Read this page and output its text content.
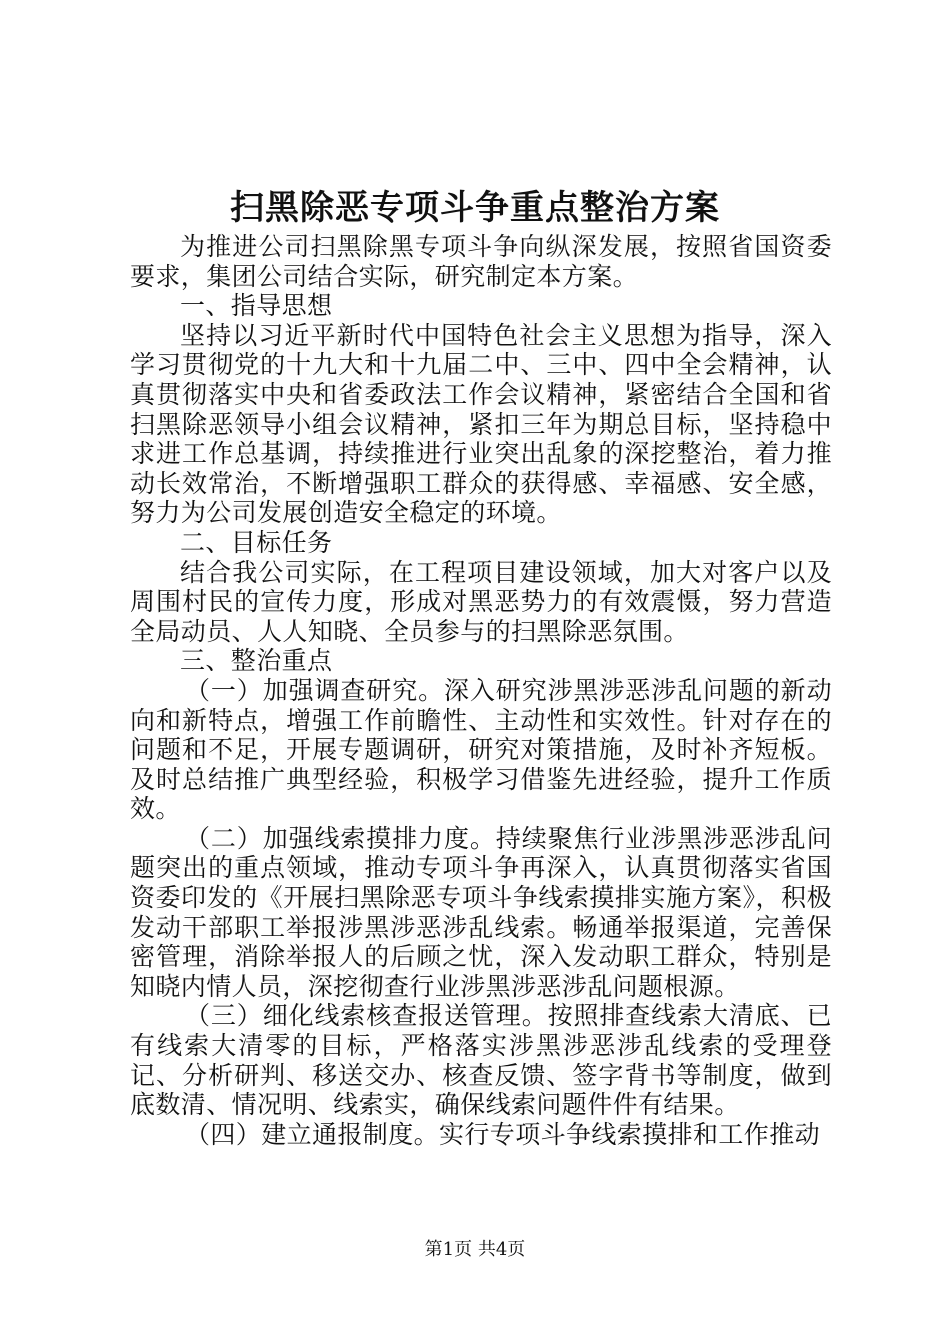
扫黑除恶专项斗争重点整治方案

为推进公司扫黑除黑专项斗争向纵深发展，按照省国资委要求，集团公司结合实际，研究制定本方案。

一、指导思想

坚持以习近平新时代中国特色社会主义思想为指导，深入学习贯彻党的十九大和十九届二中、三中、四中全会精神，认真贯彻落实中央和省委政法工作会议精神，紧密结合全国和省扫黑除恶领导小组会议精神，紧扣三年为期总目标，坚持稳中求进工作总基调，持续推进行业突出乱象的深挖整治，着力推动长效常治，不断增强职工群众的获得感、幸福感、安全感，努力为公司发展创造安全稳定的环境。

二、目标任务

结合我公司实际，在工程项目建设领域，加大对客户以及周围村民的宣传力度，形成对黑恶势力的有效震慑，努力营造全局动员、人人知晓、全员参与的扫黑除恶氛围。

三、整治重点

（一）加强调查研究。深入研究涉黑涉恶涉乱问题的新动向和新特点，增强工作前瞻性、主动性和实效性。针对存在的问题和不足，开展专题调研，研究对策措施，及时补齐短板。及时总结推广典型经验，积极学习借鉴先进经验，提升工作质效。

（二）加强线索摸排力度。持续聚焦行业涉黑涉恶涉乱问题突出的重点领域，推动专项斗争再深入，认真贯彻落实省国资委印发的《开展扫黑除恶专项斗争线索摸排实施方案》，积极发动干部职工举报涉黑涉恶涉乱线索。畅通举报渠道，完善保密管理，消除举报人的后顾之忧，深入发动职工群众，特别是知晓内情人员，深挖彻查行业涉黑涉恶涉乱问题根源。

（三）细化线索核查报送管理。按照排查线索大清底、已有线索大清零的目标，严格落实涉黑涉恶涉乱线索的受理登记、分析研判、移送交办、核查反馈、签字背书等制度，做到底数清、情况明、线索实，确保线索问题件件有结果。

（四）建立通报制度。实行专项斗争线索摸排和工作推动

第1页 共4页
